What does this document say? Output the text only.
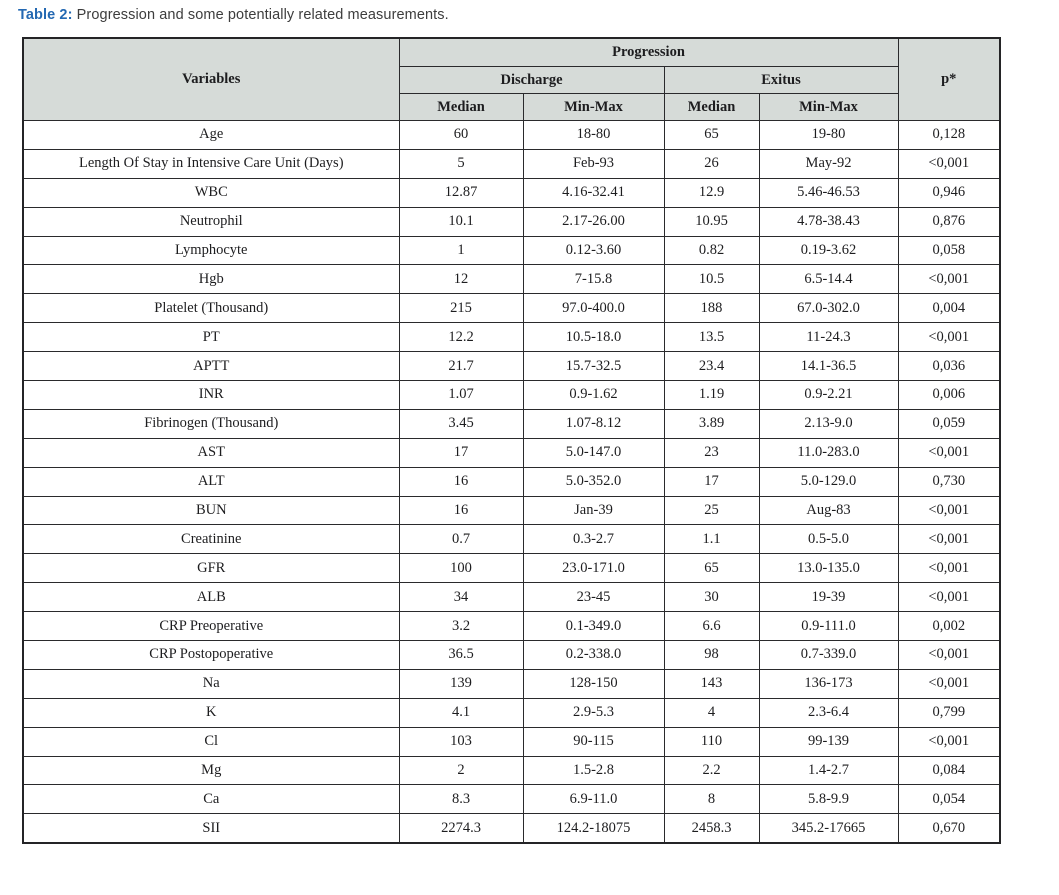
Table 2: Progression and some potentially related measurements.
Variables	Progression				p*
	Discharge		Exitus		
	Median	Min-Max	Median	Min-Max	
Age	60	18-80	65	19-80	0,128
Length Of Stay in Intensive Care Unit (Days)	5	Feb-93	26	May-92	<0,001
WBC	12.87	4.16-32.41	12.9	5.46-46.53	0,946
Neutrophil	10.1	2.17-26.00	10.95	4.78-38.43	0,876
Lymphocyte	1	0.12-3.60	0.82	0.19-3.62	0,058
Hgb	12	7-15.8	10.5	6.5-14.4	<0,001
Platelet (Thousand)	215	97.0-400.0	188	67.0-302.0	0,004
PT	12.2	10.5-18.0	13.5	11-24.3	<0,001
APTT	21.7	15.7-32.5	23.4	14.1-36.5	0,036
INR	1.07	0.9-1.62	1.19	0.9-2.21	0,006
Fibrinogen (Thousand)	3.45	1.07-8.12	3.89	2.13-9.0	0,059
AST	17	5.0-147.0	23	11.0-283.0	<0,001
ALT	16	5.0-352.0	17	5.0-129.0	0,730
BUN	16	Jan-39	25	Aug-83	<0,001
Creatinine	0.7	0.3-2.7	1.1	0.5-5.0	<0,001
GFR	100	23.0-171.0	65	13.0-135.0	<0,001
ALB	34	23-45	30	19-39	<0,001
CRP Preoperative	3.2	0.1-349.0	6.6	0.9-111.0	0,002
CRP Postopoperative	36.5	0.2-338.0	98	0.7-339.0	<0,001
Na	139	128-150	143	136-173	<0,001
K	4.1	2.9-5.3	4	2.3-6.4	0,799
Cl	103	90-115	110	99-139	<0,001
Mg	2	1.5-2.8	2.2	1.4-2.7	0,084
Ca	8.3	6.9-11.0	8	5.8-9.9	0,054
SII	2274.3	124.2-18075	2458.3	345.2-17665	0,670
